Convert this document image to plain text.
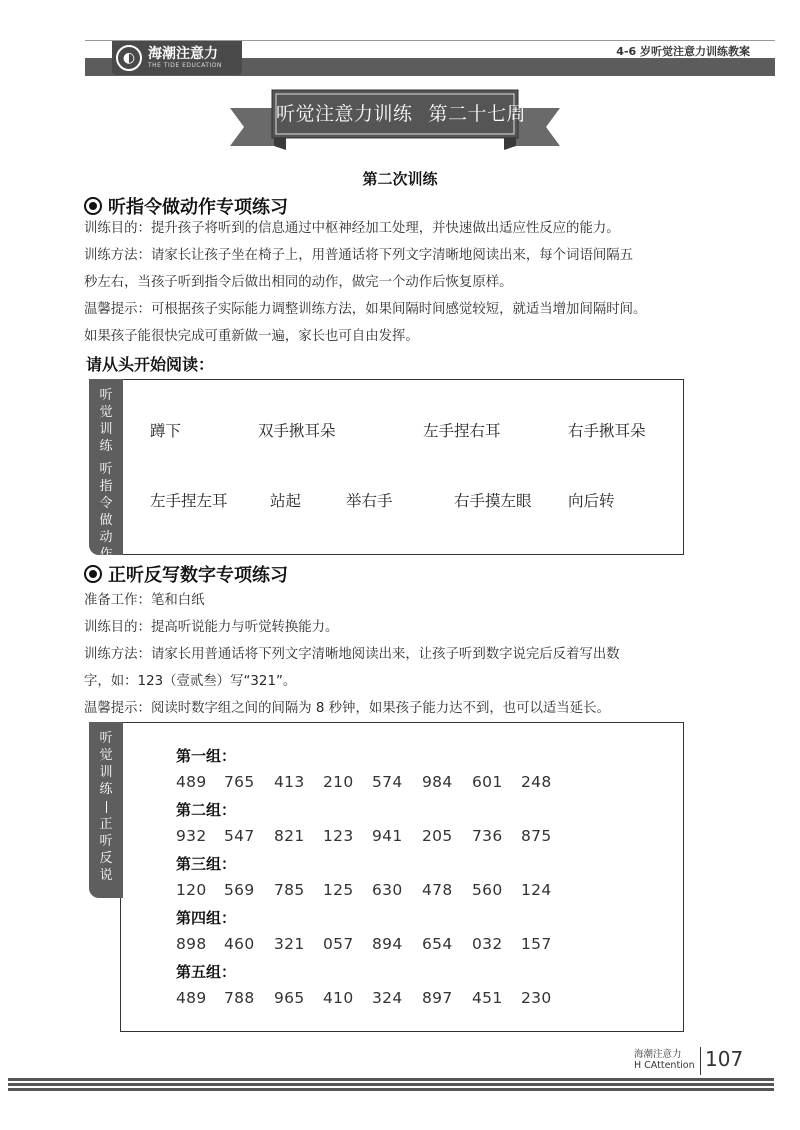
◐ 海潮注意力
THE TIDE EDUCATION
4-6 岁听觉注意力训练教案
听觉注意力训练 第二十七周
第二次训练
听指令做动作专项练习
训练目的：提升孩子将听到的信息通过中枢神经加工处理，并快速做出适应性反应的能力。
训练方法：请家长让孩子坐在椅子上，用普通话将下列文字清晰地阅读出来，每个词语间隔五
秒左右，当孩子听到指令后做出相同的动作，做完一个动作后恢复原样。
温馨提示：可根据孩子实际能力调整训练方法，如果间隔时间感觉较短，就适当增加间隔时间。
如果孩子能很快完成可重新做一遍，家长也可自由发挥。
请从头开始阅读：
听
觉
训
练
听
指
令
做
动
作
蹲下	双手揪耳朵	左手捏右耳	右手揪耳朵
左手捏左耳	站起	举右手	右手摸左眼 向后转
正听反写数字专项练习
准备工作：笔和白纸
训练目的：提高听说能力与听觉转换能力。
训练方法：请家长用普通话将下列文字清晰地阅读出来，让孩子听到数字说完后反着写出数
字，如：123（壹贰叁）写“321”。
温馨提示：阅读时数字组之间的间隔为 8 秒钟，如果孩子能力达不到，也可以适当延长。
听
觉
训
练
正
听
反
说
第一组：
489 765 413 210 574 984 601 248
第二组：
932 547 821 123 941 205 736 875
第三组：
120 569 785 125 630 478 560 124
第四组：
898 460 321 057 894 654 032 157
第五组：
489 788 965 410 324 897 451 230
海潮注意力
H CAttention 107
